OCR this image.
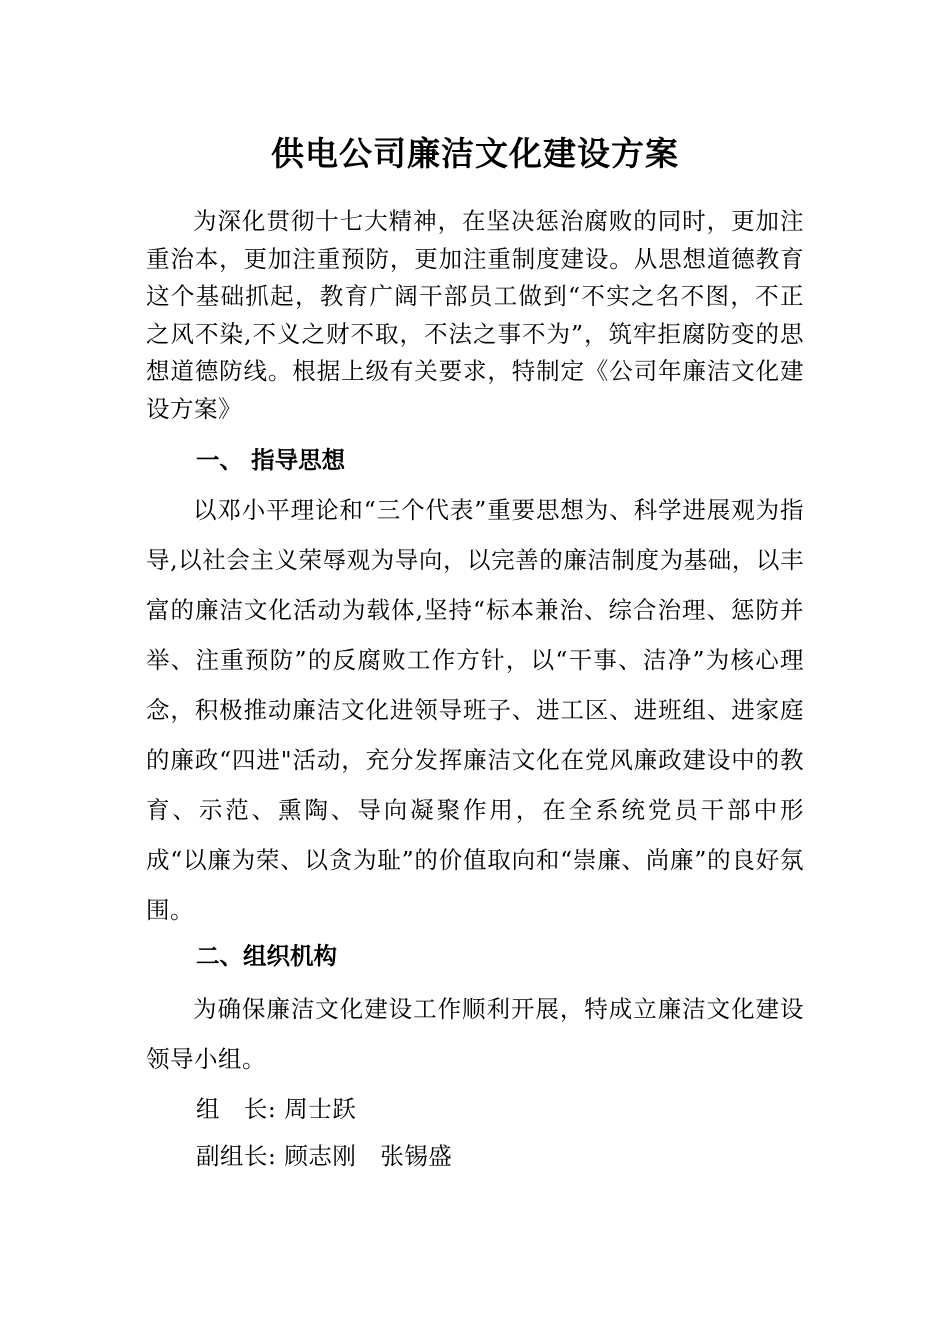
供电公司廉洁文化建设方案

为深化贯彻十七大精神，在坚决惩治腐败的同时，更加注重治本，更加注重预防，更加注重制度建设。从思想道德教育这个基础抓起，教育广阔干部员工做到“不实之名不图，不正之风不染,不义之财不取，不法之事不为”，筑牢拒腐防变的思想道德防线。根据上级有关要求，特制定《公司年廉洁文化建设方案》

一、 指导思想

以邓小平理论和“三个代表”重要思想为、科学进展观为指导,以社会主义荣辱观为导向，以完善的廉洁制度为基础，以丰富的廉洁文化活动为载体,坚持“标本兼治、综合治理、惩防并举、注重预防”的反腐败工作方针，以“干事、洁净”为核心理念，积极推动廉洁文化进领导班子、进工区、进班组、进家庭的廉政“四进"活动，充分发挥廉洁文化在党风廉政建设中的教育、示范、熏陶、导向凝聚作用，在全系统党员干部中形成“以廉为荣、以贪为耻”的价值取向和“崇廉、尚廉”的良好氛围。

二、组织机构

为确保廉洁文化建设工作顺利开展，特成立廉洁文化建设领导小组。

组   长: 周士跃
副组长: 顾志刚   张锡盛
